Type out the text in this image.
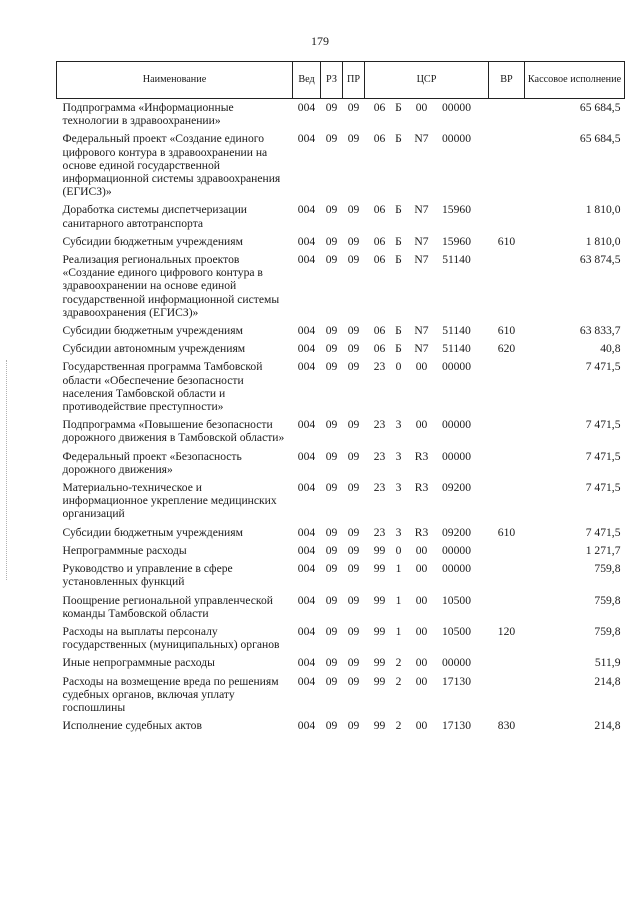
179
Наименование	Вед	РЗ	ПР	ЦСР	ВР	Кассовое исполнение
Подпрограмма «Информационные технологии в здравоохранении»	004	09	09	06 Б 00 00000		65 684,5
Федеральный проект «Создание единого цифрового контура в здравоохранении на основе единой государственной информационной системы здравоохранения (ЕГИСЗ)»	004	09	09	06 Б N7 00000		65 684,5
Доработка системы диспетчеризации санитарного автотранспорта	004	09	09	06 Б N7 15960		1 810,0
Субсидии бюджетным учреждениям	004	09	09	06 Б N7 15960	610	1 810,0
Реализация региональных проектов «Создание единого цифрового контура в здравоохранении на основе единой государственной информационной системы здравоохранения (ЕГИСЗ)»	004	09	09	06 Б N7 51140		63 874,5
Субсидии бюджетным учреждениям	004	09	09	06 Б N7 51140	610	63 833,7
Субсидии автономным учреждениям	004	09	09	06 Б N7 51140	620	40,8
Государственная программа Тамбовской области «Обеспечение безопасности населения Тамбовской области и противодействие преступности»	004	09	09	23 0 00 00000		7 471,5
Подпрограмма «Повышение безопасности дорожного движения в Тамбовской области»	004	09	09	23 3 00 00000		7 471,5
Федеральный проект «Безопасность дорожного движения»	004	09	09	23 3 R3 00000		7 471,5
Материально-техническое и информационное укрепление медицинских организаций	004	09	09	23 3 R3 09200		7 471,5
Субсидии бюджетным учреждениям	004	09	09	23 3 R3 09200	610	7 471,5
Непрограммные расходы	004	09	09	99 0 00 00000		1 271,7
Руководство и управление в сфере установленных функций	004	09	09	99 1 00 00000		759,8
Поощрение региональной управленческой команды Тамбовской области	004	09	09	99 1 00 10500		759,8
Расходы на выплаты персоналу государственных (муниципальных) органов	004	09	09	99 1 00 10500	120	759,8
Иные непрограммные расходы	004	09	09	99 2 00 00000		511,9
Расходы на возмещение вреда по решениям судебных органов, включая уплату госпошлины	004	09	09	99 2 00 17130		214,8
Исполнение судебных актов	004	09	09	99 2 00 17130	830	214,8
